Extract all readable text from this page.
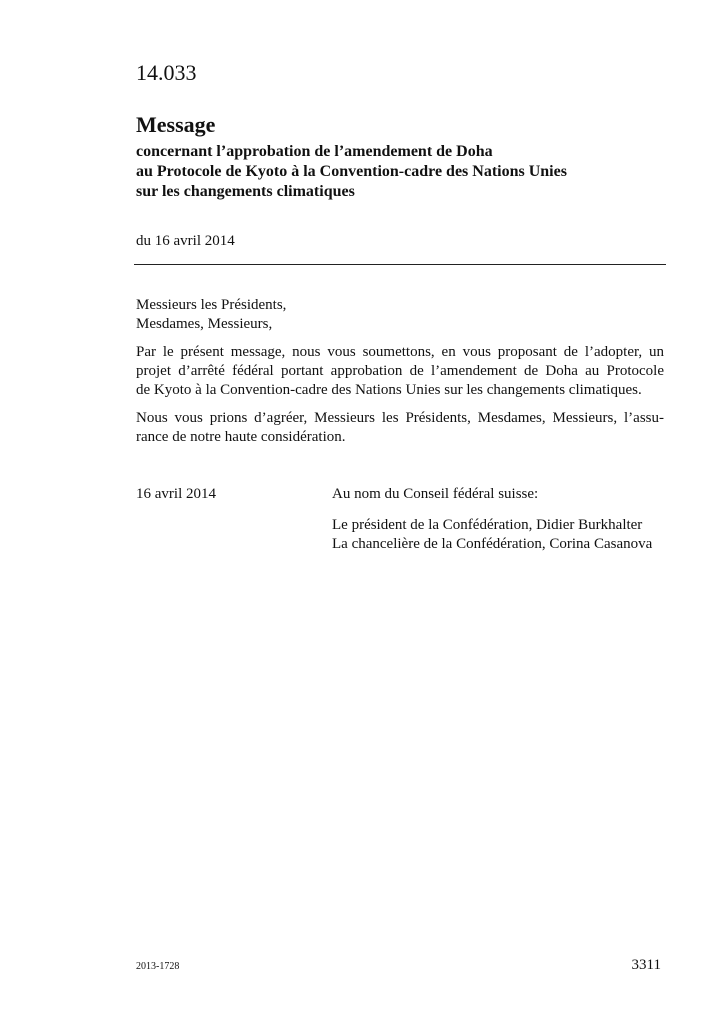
14.033
Message
concernant l’approbation de l’amendement de Doha
au Protocole de Kyoto à la Convention-cadre des Nations Unies
sur les changements climatiques
du 16 avril 2014
Messieurs les Présidents,
Mesdames, Messieurs,
Par le présent message, nous vous soumettons, en vous proposant de l’adopter, un
projet d’arrêté fédéral portant approbation de l’amendement de Doha au Protocole
de Kyoto à la Convention-cadre des Nations Unies sur les changements climatiques.
Nous vous prions d’agréer, Messieurs les Présidents, Mesdames, Messieurs, l’assu-
rance de notre haute considération.
16 avril 2014	Au nom du Conseil fédéral suisse:
Le président de la Confédération, Didier Burkhalter
La chancelière de la Confédération, Corina Casanova
2013-1728	3311
